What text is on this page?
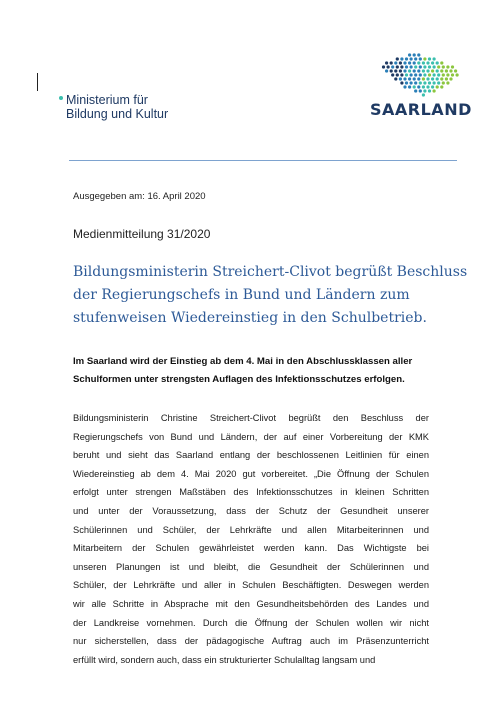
Ministerium für
Bildung und Kultur	SAARLAND
Ausgegeben am: 16. April 2020
Medienmitteilung 31/2020
Bildungsministerin Streichert-Clivot begrüßt Beschluss
der Regierungschefs in Bund und Ländern zum
stufenweisen Wiedereinstieg in den Schulbetrieb.
Im Saarland wird der Einstieg ab dem 4. Mai in den Abschlussklassen aller
Schulformen unter strengsten Auflagen des Infektionsschutzes erfolgen.
Bildungsministerin Christine Streichert-Clivot begrüßt den Beschluss der
Regierungschefs von Bund und Ländern, der auf einer Vorbereitung der KMK
beruht und sieht das Saarland entlang der beschlossenen Leitlinien für einen
Wiedereinstieg ab dem 4. Mai 2020 gut vorbereitet. „Die Öffnung der Schulen
erfolgt unter strengen Maßstäben des Infektionsschutzes in kleinen Schritten
und unter der Voraussetzung, dass der Schutz der Gesundheit unserer
Schülerinnen und Schüler, der Lehrkräfte und allen Mitarbeiterinnen und
Mitarbeitern der Schulen gewährleistet werden kann. Das Wichtigste bei
unseren Planungen ist und bleibt, die Gesundheit der Schülerinnen und
Schüler, der Lehrkräfte und aller in Schulen Beschäftigten. Deswegen werden
wir alle Schritte in Absprache mit den Gesundheitsbehörden des Landes und
der Landkreise vornehmen. Durch die Öffnung der Schulen wollen wir nicht
nur sicherstellen, dass der pädagogische Auftrag auch im Präsenzunterricht
erfüllt wird, sondern auch, dass ein strukturierter Schulalltag langsam und
